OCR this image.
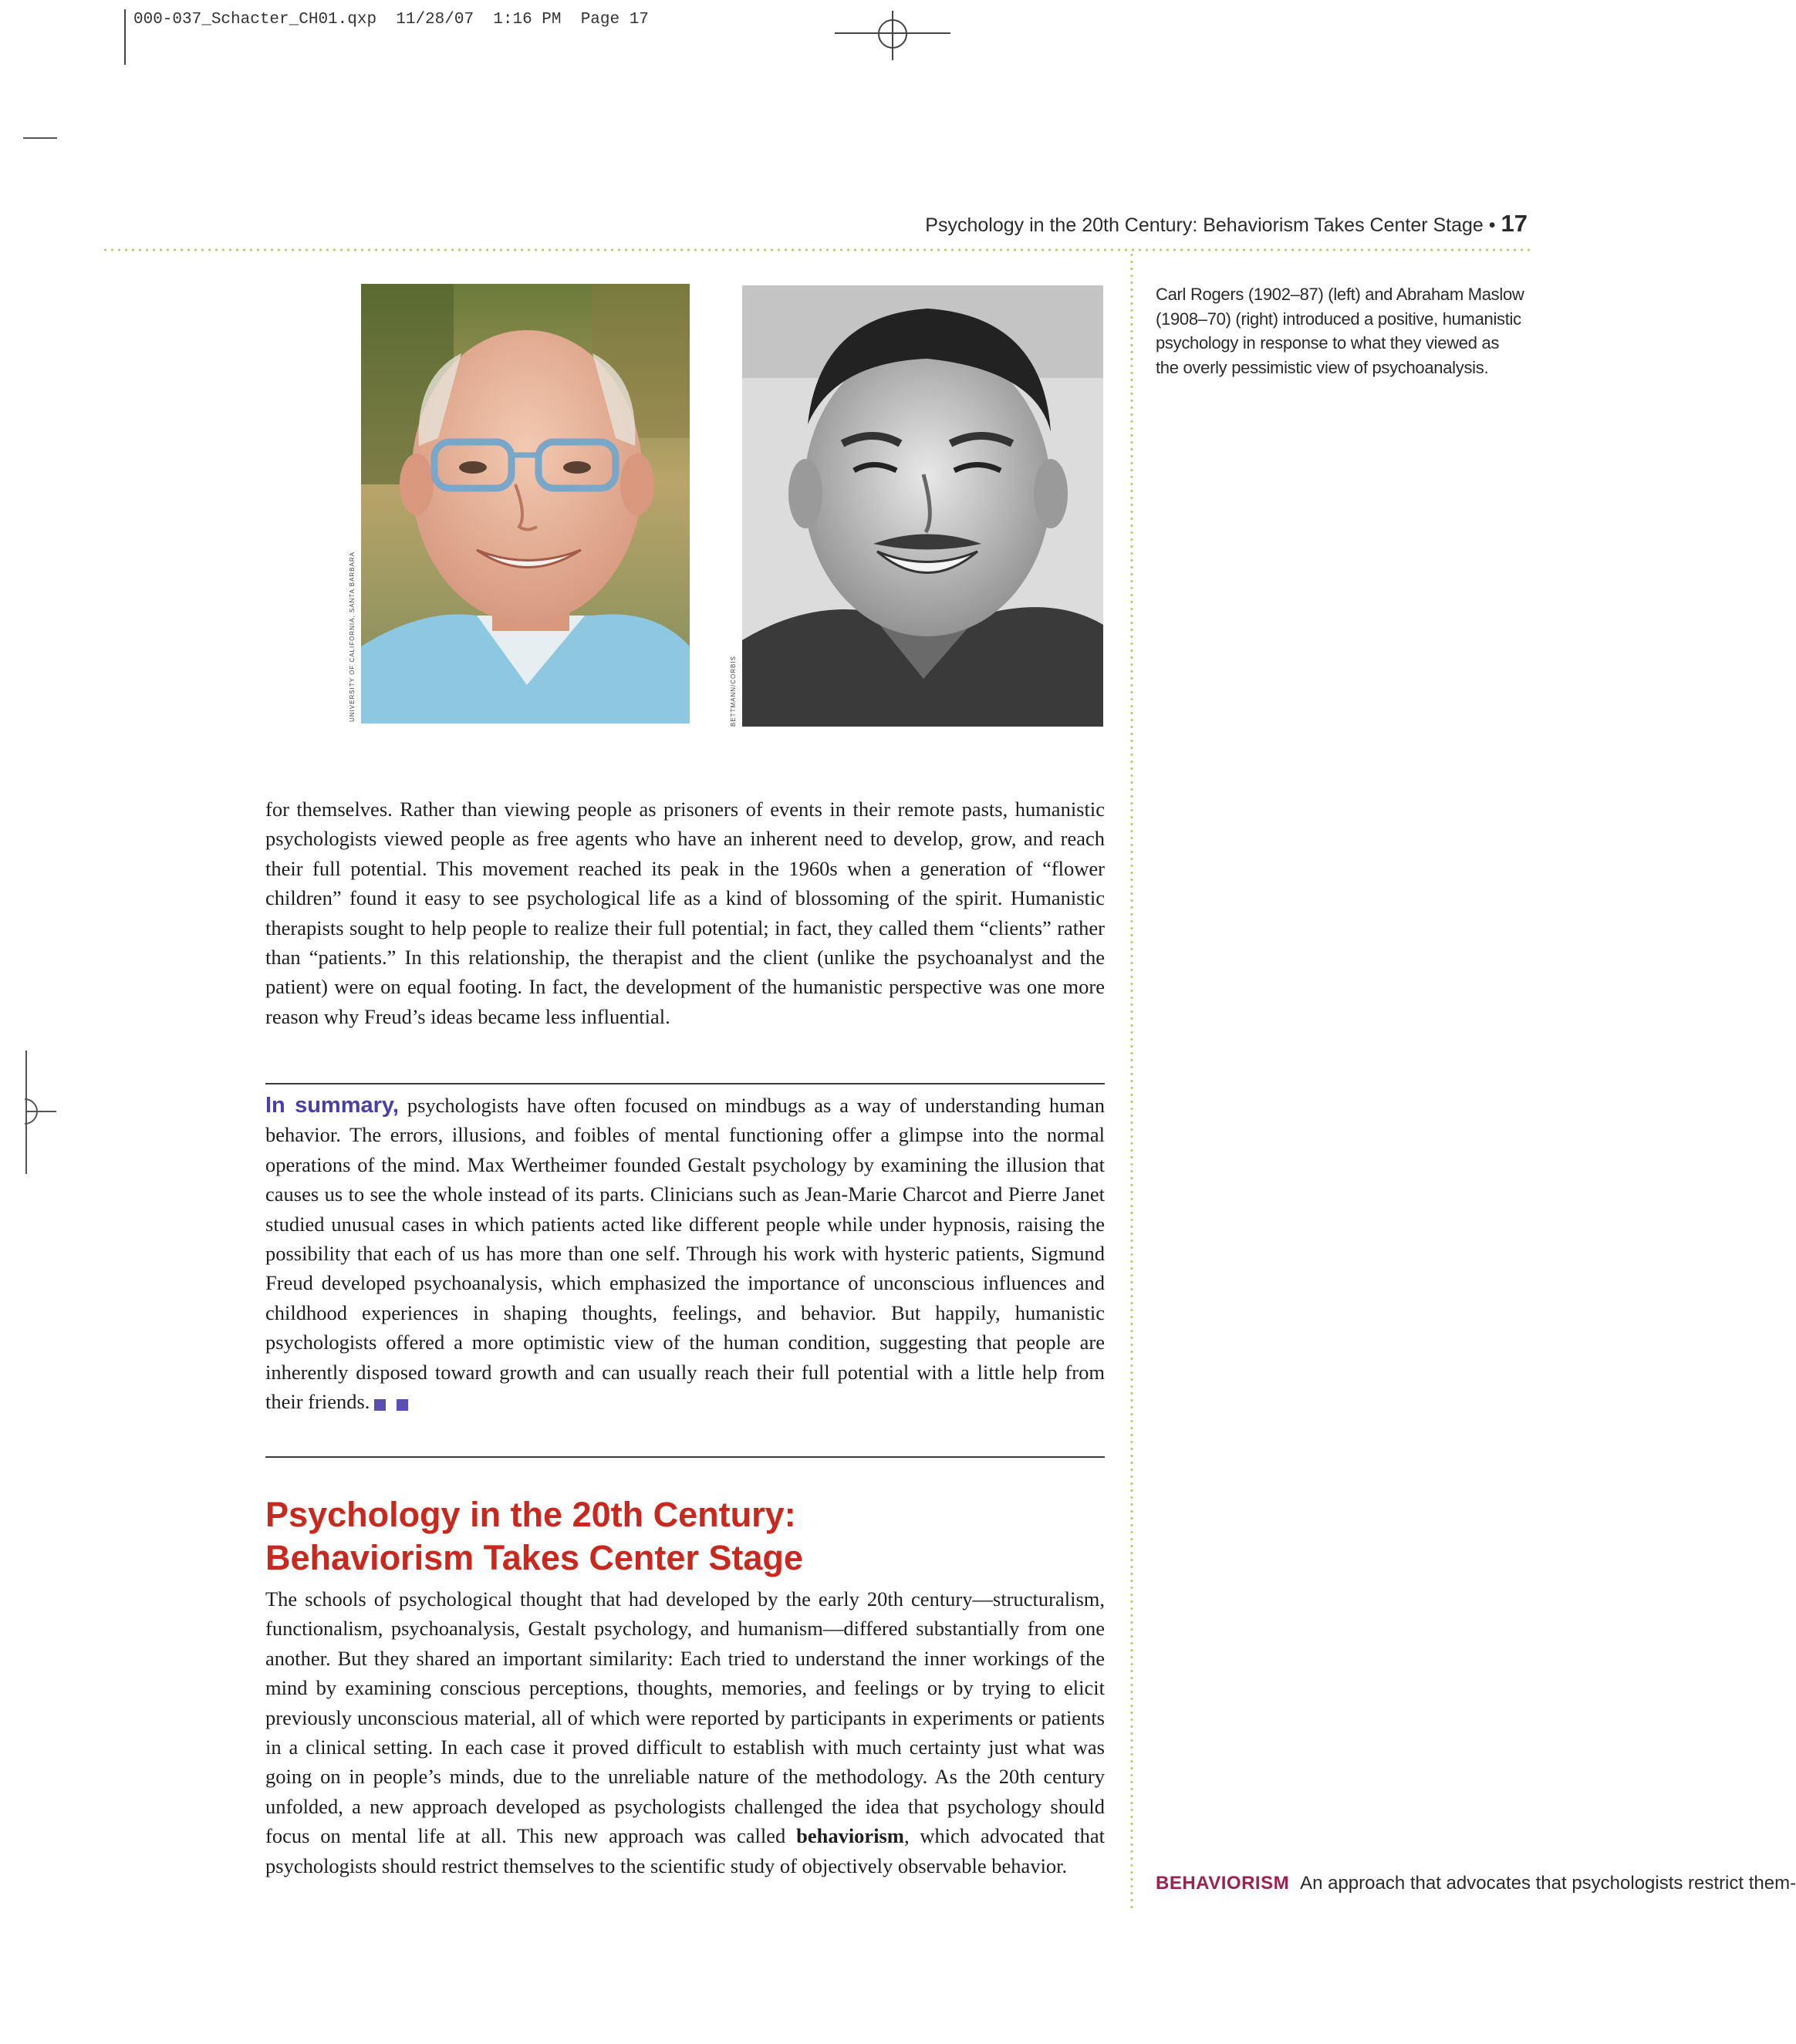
000-037_Schacter_CH01.qxp  11/28/07  1:16 PM  Page 17
Psychology in the 20th Century: Behaviorism Takes Center Stage • 17
UNIVERSITY OF CALIFORNIA, SANTA BARBARA	BETTMANN/CORBIS
Carl Rogers (1902–87) (left) and Abraham Maslow (1908–70) (right) introduced a positive, humanistic psychology in response to what they viewed as the overly pessimistic view of psychoanalysis.

for themselves. Rather than viewing people as prisoners of events in their remote pasts, humanistic psychologists viewed people as free agents who have an inherent need to develop, grow, and reach their full potential. This movement reached its peak in the 1960s when a generation of “flower children” found it easy to see psychological life as a kind of blossoming of the spirit. Humanistic therapists sought to help people to realize their full potential; in fact, they called them “clients” rather than “patients.” In this relationship, the therapist and the client (unlike the psychoanalyst and the patient) were on equal footing. In fact, the development of the humanistic perspective was one more reason why Freud’s ideas became less influential.

In summary, psychologists have often focused on mindbugs as a way of understanding human behavior. The errors, illusions, and foibles of mental functioning offer a glimpse into the normal operations of the mind. Max Wertheimer founded Gestalt psychology by examining the illusion that causes us to see the whole instead of its parts. Clinicians such as Jean-Marie Charcot and Pierre Janet studied unusual cases in which patients acted like different people while under hypnosis, raising the possibility that each of us has more than one self. Through his work with hysteric patients, Sigmund Freud developed psychoanalysis, which emphasized the importance of unconscious influences and childhood experiences in shaping thoughts, feelings, and behavior. But happily, humanistic psychologists offered a more optimistic view of the human condition, suggesting that people are inherently disposed toward growth and can usually reach their full potential with a little help from their friends.

Psychology in the 20th Century:
Behaviorism Takes Center Stage

The schools of psychological thought that had developed by the early 20th century—structuralism, functionalism, psychoanalysis, Gestalt psychology, and humanism—differed substantially from one another. But they shared an important similarity: Each tried to understand the inner workings of the mind by examining conscious perceptions, thoughts, memories, and feelings or by trying to elicit previously unconscious material, all of which were reported by participants in experiments or patients in a clinical setting. In each case it proved difficult to establish with much certainty just what was going on in people’s minds, due to the unreliable nature of the methodology. As the 20th century unfolded, a new approach developed as psychologists challenged the idea that psychology should focus on mental life at all. This new approach was called behaviorism, which advocated that psychologists should restrict themselves to the scientific study of objectively observable behavior.

BEHAVIORISM An approach that advocates that psychologists restrict them-
